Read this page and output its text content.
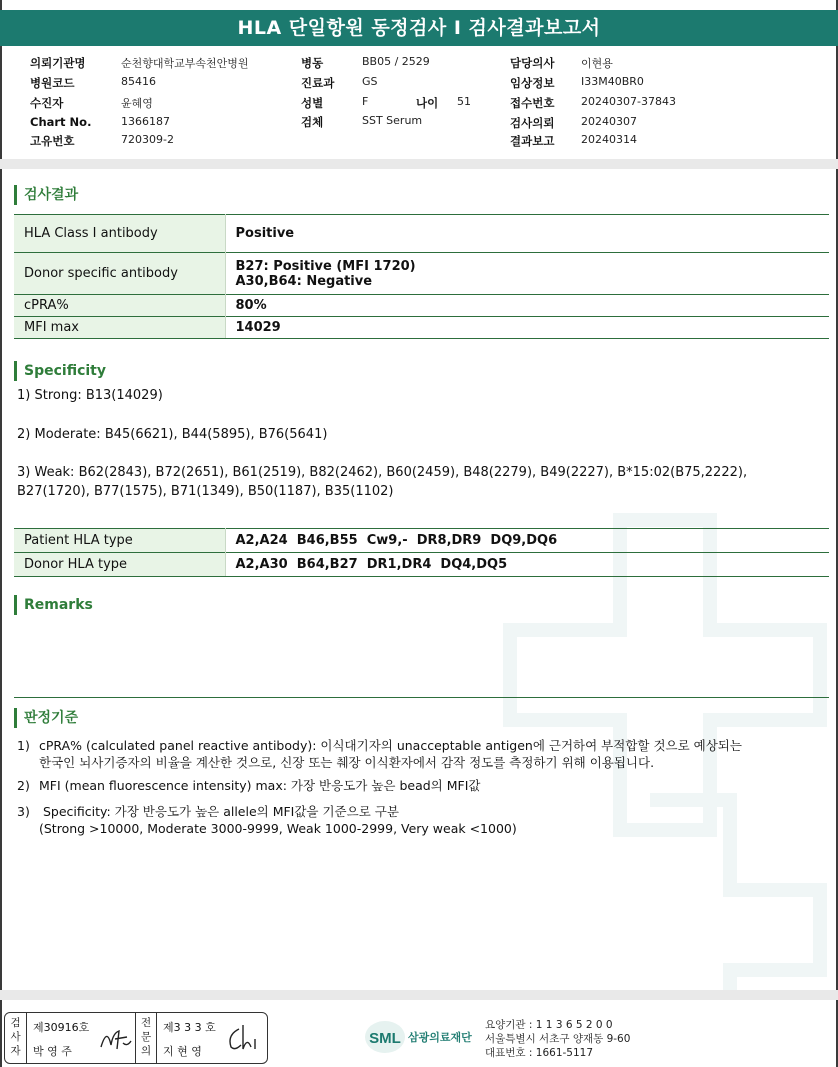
HLA 단일항원 동정검사 I 검사결과보고서
의뢰기관명	순천향대학교부속천안병원
병원코드	85416
수진자	윤혜영
Chart No.	1366187
고유번호	720309-2
병동	BB05 / 2529
진료과	GS
성별	F	나이 51
검체	SST Serum
담당의사 이현용
임상정보 I33M40BR0
접수번호 20240307-37843
검사의뢰 20240307
결과보고 20240314
검사결과
HLA Class I antibody	Positive
Donor specific antibody	B27: Positive (MFI 1720)
A30,B64: Negative

cPRA%	80%
MFI max	14029
Specificity
1) Strong: B13(14029)
2) Moderate: B45(6621), B44(5895), B76(5641)
3) Weak: B62(2843), B72(2651), B61(2519), B82(2462), B60(2459), B48(2279), B49(2227), B*15:02(B75,2222),
B27(1720), B77(1575), B71(1349), B50(1187), B35(1102)
Patient HLA type	A2,A24  B46,B55  Cw9,-  DR8,DR9  DQ9,DQ6
Donor HLA type	A2,A30  B64,B27  DR1,DR4  DQ4,DQ5
Remarks
판정기준
1) cPRA% (calculated panel reactive antibody): 이식대기자의 unacceptable antigen에 근거하여 부적합할 것으로 예상되는
한국인 뇌사기증자의 비율을 계산한 것으로, 신장 또는 췌장 이식환자에서 감작 정도를 측정하기 위해 이용됩니다.
2) MFI (mean fluorescence intensity) max: 가장 반응도가 높은 bead의 MFI값
3) Specificity: 가장 반응도가 높은 allele의 MFI값을 기준으로 구분
(Strong >10000, Moderate 3000-9999, Weak 1000-2999, Very weak <1000)
검사자
제30916호
박 영 주
전문의
제3 3 3 호
지 현 영
SML 삼광의료재단
요양기관 : 1 1 3 6 5 2 0 0
서울특별시 서초구 양재동 9-60
대표번호 : 1661-5117
